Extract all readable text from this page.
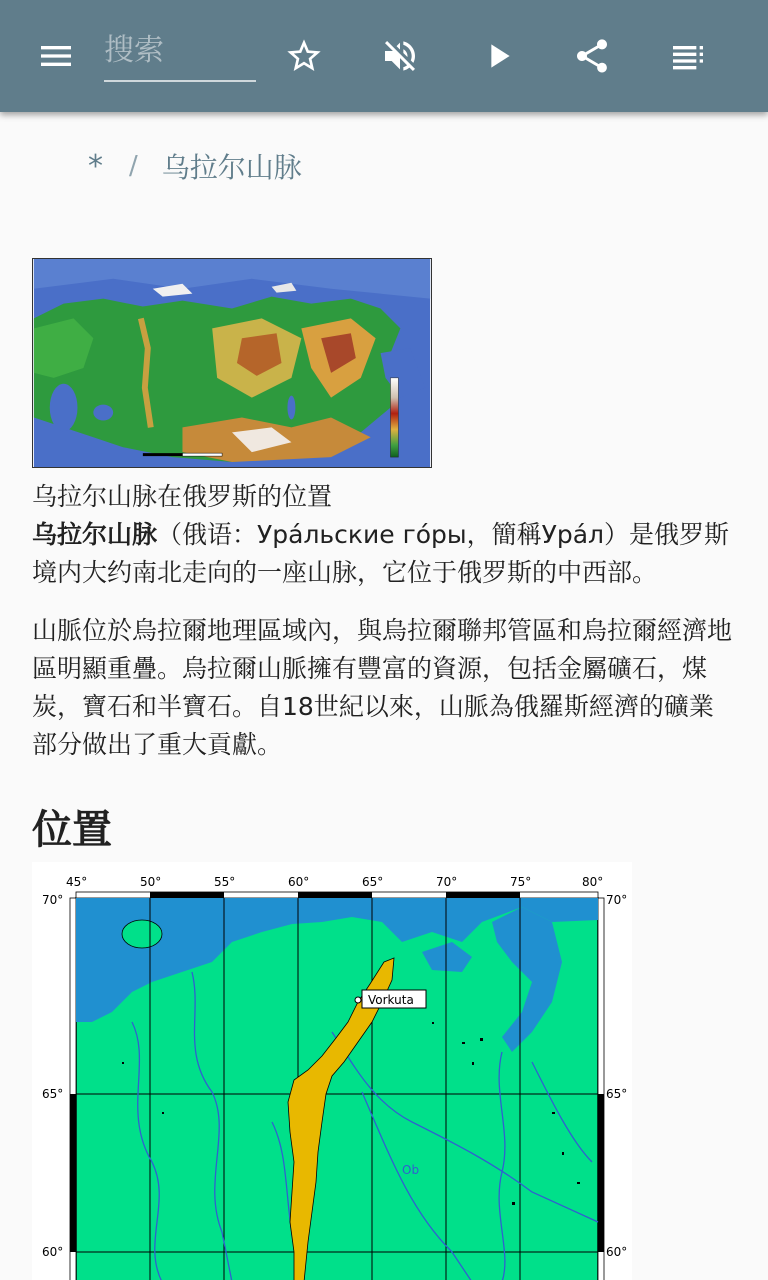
搜索
* / 乌拉尔山脉
乌拉尔山脉在俄罗斯的位置

乌拉尔山脉（俄语：Ура́льские го́ры，簡稱Ура́л）是俄罗斯境内大约南北走向的一座山脉，它位于俄罗斯的中西部。

山脈位於烏拉爾地理區域內，與烏拉爾聯邦管區和烏拉爾經濟地區明顯重疊。烏拉爾山脈擁有豐富的資源，包括金屬礦石，煤炭，寶石和半寶石。自18世紀以來，山脈為俄羅斯經濟的礦業部分做出了重大貢獻。

位置
Vorkuta
Ob
45°	50°	55°	60°	65°	70°	75°	80°
70°	70°
65°	65°
60°	60°
